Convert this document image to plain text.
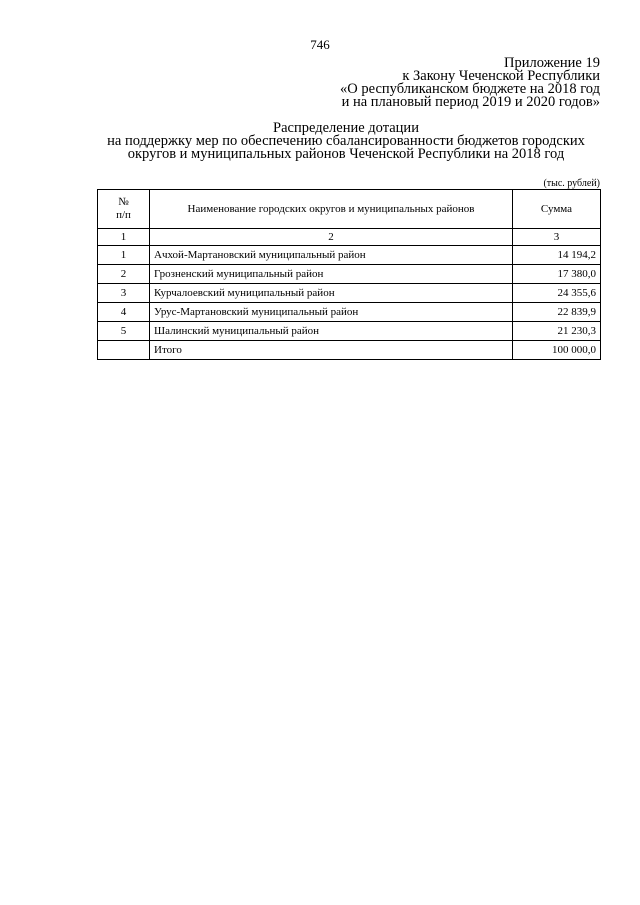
746
Приложение 19
к Закону Чеченской Республики
«О республиканском бюджете на 2018 год
и на плановый период 2019 и 2020 годов»
Распределение дотации
на поддержку мер по обеспечению сбалансированности бюджетов городских
округов и муниципальных районов Чеченской Республики на 2018 год
(тыс. рублей)
№
п/п	Наименование городских округов и муниципальных районов	Сумма
1	2	3
1	Ачхой-Мартановский муниципальный район	14 194,2
2	Грозненский муниципальный район	17 380,0
3	Курчалоевский муниципальный район	24 355,6
4	Урус-Мартановский муниципальный район	22 839,9
5	Шалинский муниципальный район	21 230,3
	Итого	100 000,0
